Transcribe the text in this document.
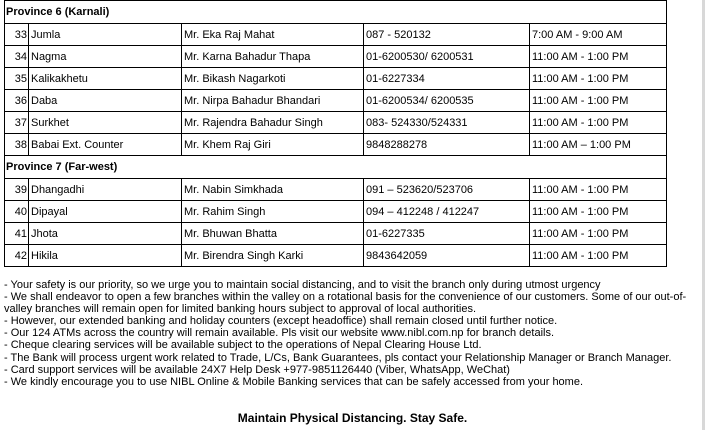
Province 6 (Karnali)				
33	Jumla	Mr. Eka Raj Mahat	087 - 520132	7:00 AM - 9:00 AM
34	Nagma	Mr. Karna Bahadur Thapa	01-6200530/ 6200531	11:00 AM - 1:00 PM
35	Kalikakhetu	Mr. Bikash Nagarkoti	01-6227334	11:00 AM - 1:00 PM
36	Daba	Mr. Nirpa Bahadur Bhandari	01-6200534/ 6200535	11:00 AM - 1:00 PM
37	Surkhet	Mr. Rajendra Bahadur Singh	083- 524330/524331	11:00 AM - 1:00 PM
38	Babai Ext. Counter	Mr. Khem Raj Giri	9848288278	11:00 AM – 1:00 PM
Province 7 (Far-west)				
39	Dhangadhi	Mr. Nabin Simkhada	091 – 523620/523706	11:00 AM - 1:00 PM
40	Dipayal	Mr. Rahim Singh	094 – 412248 / 412247	11:00 AM - 1:00 PM
41	Jhota	Mr. Bhuwan Bhatta	01-6227335	11:00 AM - 1:00 PM
42	Hikila	Mr. Birendra Singh Karki	9843642059	11:00 AM - 1:00 PM

- Your safety is our priority, so we urge you to maintain social distancing, and to visit the branch only during utmost urgency

- We shall endeavor to open a few branches within the valley on a rotational basis for the convenience of our customers. Some of our out-of-valley branches will remain open for limited banking hours subject to approval of local authorities.

- However, our extended banking and holiday counters (except headoffice) shall remain closed until further notice.

- Our 124 ATMs across the country will remain available. Pls visit our website www.nibl.com.np for branch details.

- Cheque clearing services will be available subject to the operations of Nepal Clearing House Ltd.

- The Bank will process urgent work related to Trade, L/Cs, Bank Guarantees, pls contact your Relationship Manager or Branch Manager.

- Card support services will be available 24X7 Help Desk +977-9851126440 (Viber, WhatsApp, WeChat)

- We kindly encourage you to use NIBL Online & Mobile Banking services that can be safely accessed from your home.

Maintain Physical Distancing. Stay Safe.
